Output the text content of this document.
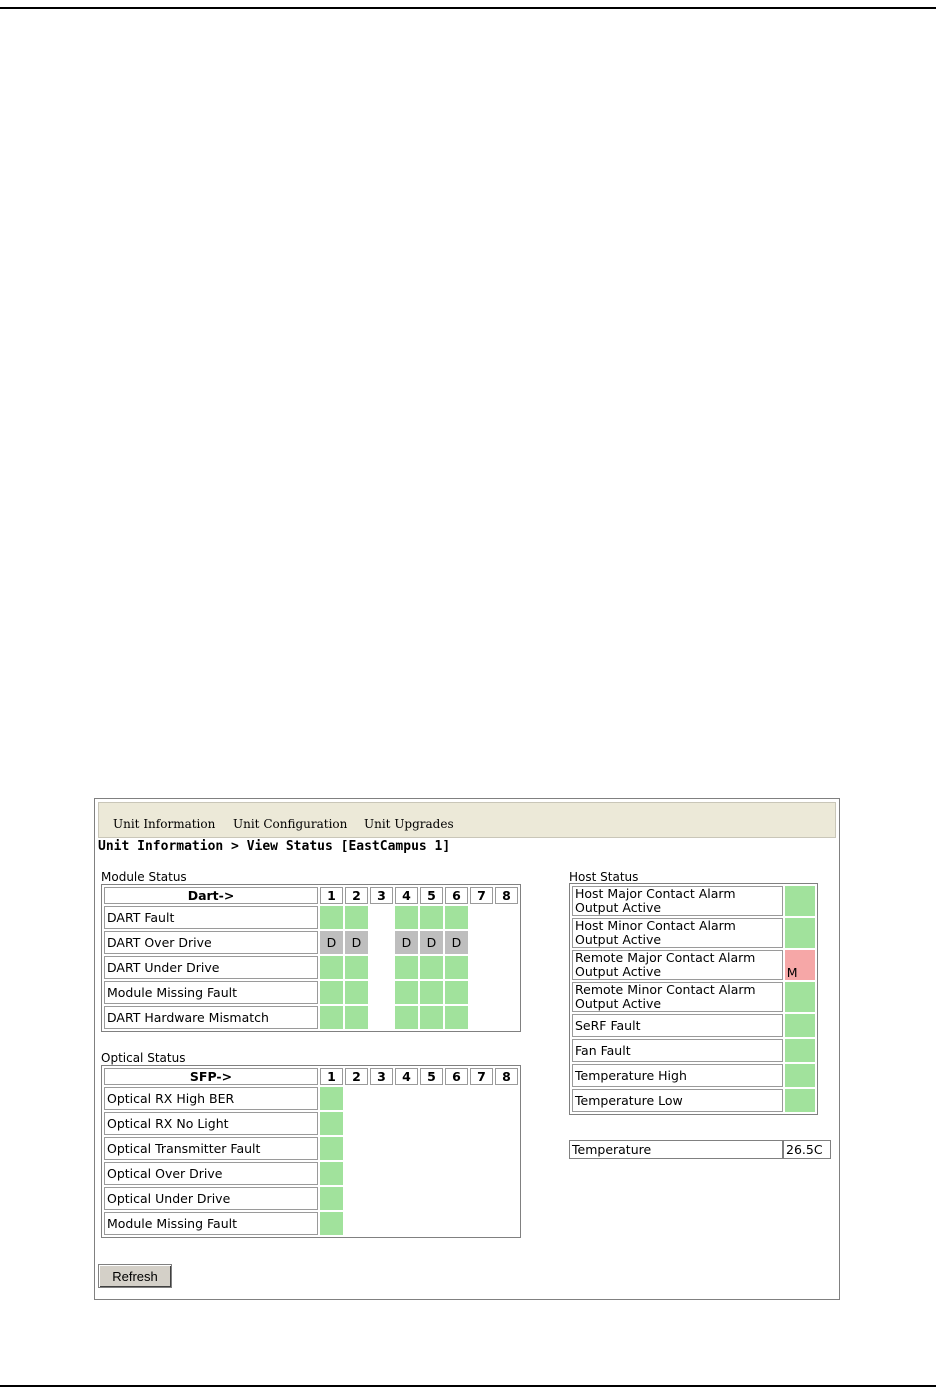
Unit Information Unit Configuration Unit Upgrades
Unit Information > View Status [EastCampus 1]
Module Status
Dart->	1	2	3	4	5	6	7	8
DART Fault								
DART Over Drive	D	D		D	D	D		
DART Under Drive								
Module Missing Fault								
DART Hardware Mismatch								
Optical Status
SFP->	1	2	3	4	5	6	7	8
Optical RX High BER								
Optical RX No Light								
Optical Transmitter Fault								
Optical Over Drive								
Optical Under Drive								
Module Missing Fault								
Host Status
Host Major Contact Alarm Output Active	
Host Minor Contact Alarm Output Active	
Remote Major Contact Alarm Output Active	M
Remote Minor Contact Alarm Output Active	
SeRF Fault	
Fan Fault	
Temperature High	
Temperature Low	
Temperature	26.5C
Refresh
